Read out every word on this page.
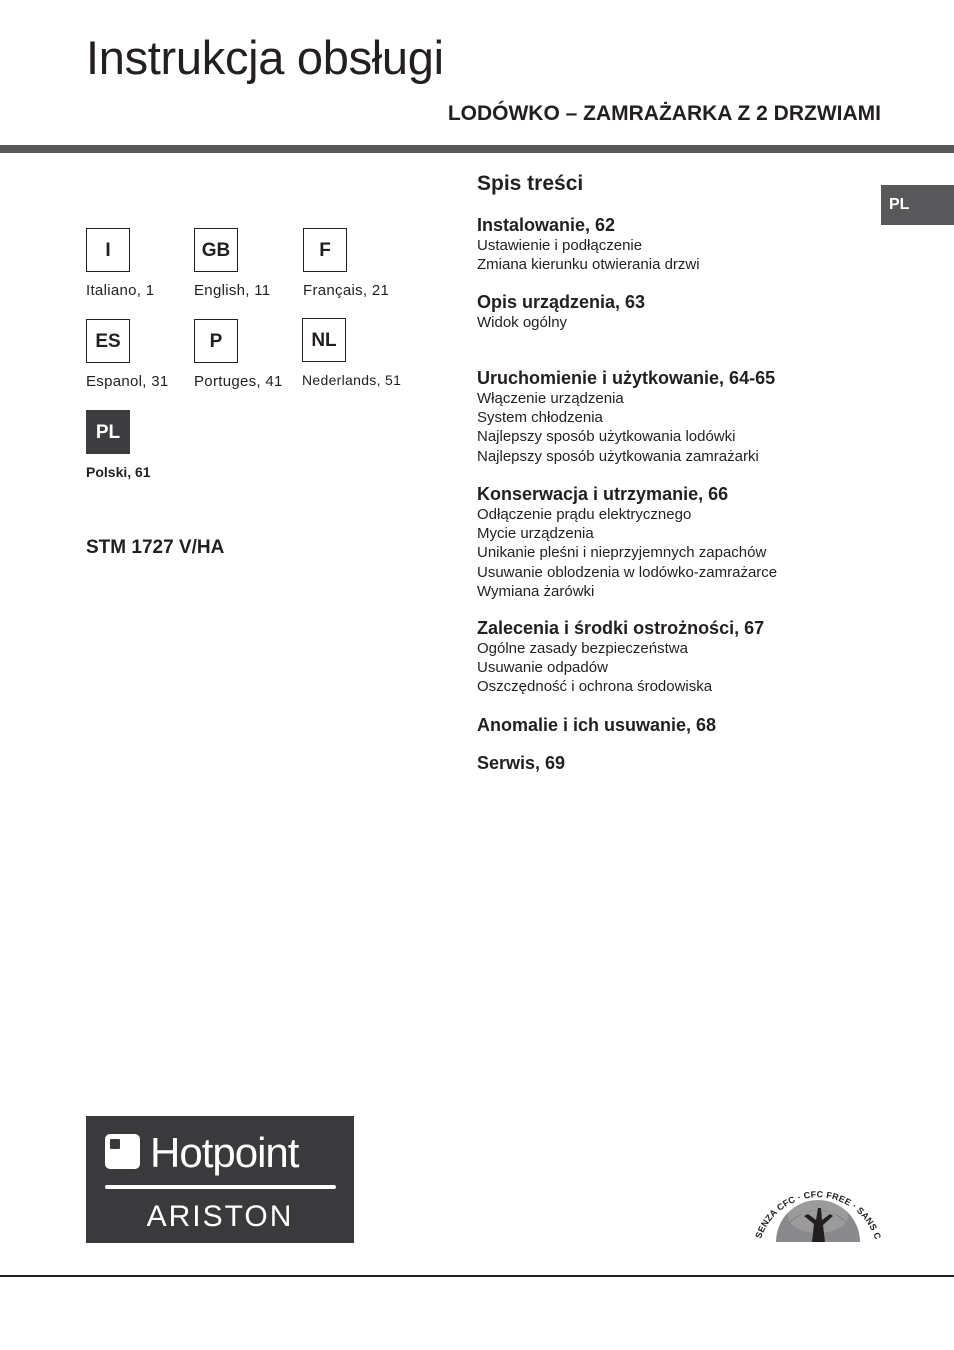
Instrukcja obsługi
LODÓWKO – ZAMRAŻARKA Z 2 DRZWIAMI
PL
I
Italiano, 1
GB
English, 11
F
Français, 21
ES
Espanol, 31
P
Portuges, 41
NL
Nederlands, 51
PL
Polski, 61
STM 1727 V/HA
Spis treści
Instalowanie, 62
Ustawienie i podłączenie
Zmiana kierunku otwierania drzwi
Opis urządzenia, 63
Widok ogólny
Uruchomienie i użytkowanie, 64-65
Włączenie urządzenia
System chłodzenia
Najlepszy sposób użytkowania lodówki
Najlepszy sposób użytkowania zamrażarki
Konserwacja i utrzymanie, 66
Odłączenie prądu elektrycznego
Mycie urządzenia
Unikanie pleśni i nieprzyjemnych zapachów
Usuwanie oblodzenia w lodówko-zamrażarce
Wymiana żarówki
Zalecenia i środki ostrożności, 67
Ogólne zasady bezpieczeństwa
Usuwanie odpadów
Oszczędność i ochrona środowiska
Anomalie i ich usuwanie, 68
Serwis, 69
Hotpoint
ARISTON
SENZA CFC · CFC FREE · SANS C
